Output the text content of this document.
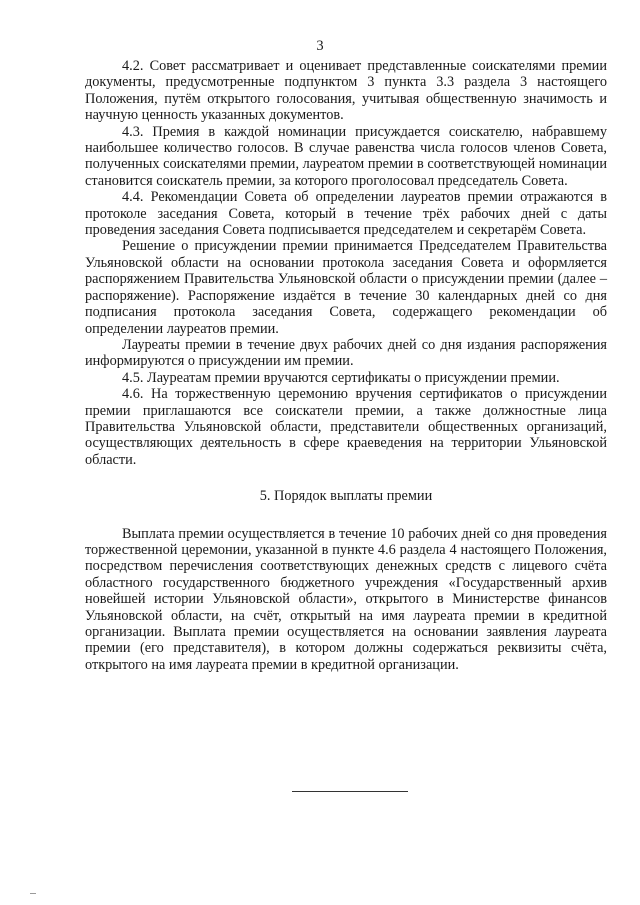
3

4.2. Совет рассматривает и оценивает представленные соискателями премии документы, предусмотренные подпунктом 3 пункта 3.3 раздела 3 настоящего Положения, путём открытого голосования, учитывая общественную значимость и научную ценность указанных документов.

4.3. Премия в каждой номинации присуждается соискателю, набравшему наибольшее количество голосов. В случае равенства числа голосов членов Совета, полученных соискателями премии, лауреатом премии в соответствующей номинации становится соискатель премии, за которого проголосовал председатель Совета.

4.4. Рекомендации Совета об определении лауреатов премии отражаются в протоколе заседания Совета, который в течение трёх рабочих дней с даты проведения заседания Совета подписывается председателем и секретарём Совета.

Решение о присуждении премии принимается Председателем Правительства Ульяновской области на основании протокола заседания Совета и оформляется распоряжением Правительства Ульяновской области о присуждении премии (далее – распоряжение). Распоряжение издаётся в течение 30 календарных дней со дня подписания протокола заседания Совета, содержащего рекомендации об определении лауреатов премии.

Лауреаты премии в течение двух рабочих дней со дня издания распоряжения информируются о присуждении им премии.

4.5. Лауреатам премии вручаются сертификаты о присуждении премии.

4.6. На торжественную церемонию вручения сертификатов о присуждении премии приглашаются все соискатели премии, а также должностные лица Правительства Ульяновской области, представители общественных организаций, осуществляющих деятельность в сфере краеведения на территории Ульяновской области.

5. Порядок выплаты премии

Выплата премии осуществляется в течение 10 рабочих дней со дня проведения торжественной церемонии, указанной в пункте 4.6 раздела 4 настоящего Положения, посредством перечисления соответствующих денежных средств с лицевого счёта областного государственного бюджетного учреждения «Государственный архив новейшей истории Ульяновской области», открытого в Министерстве финансов Ульяновской области, на счёт, открытый на имя лауреата премии в кредитной организации. Выплата премии осуществляется на основании заявления лауреата премии (его представителя), в котором должны содержаться реквизиты счёта, открытого на имя лауреата премии в кредитной организации.
